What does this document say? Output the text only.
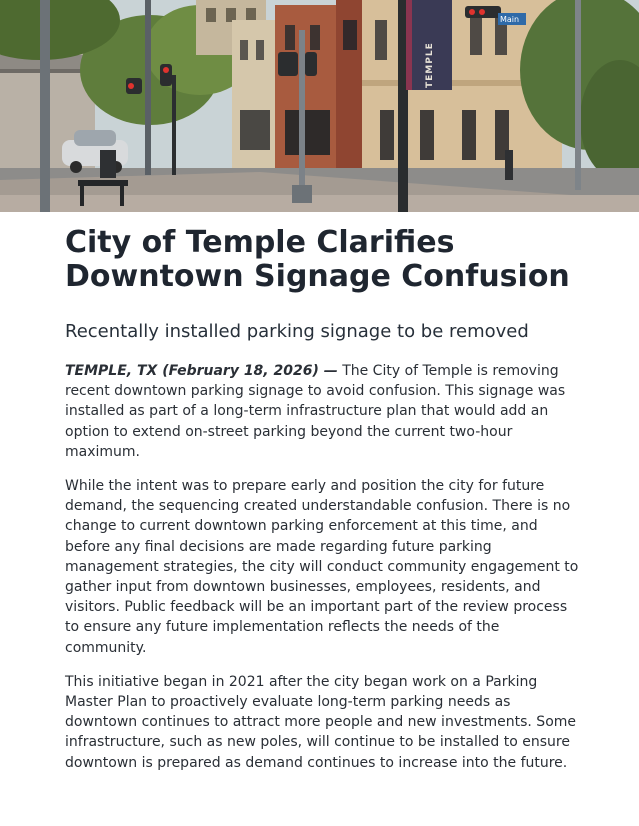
Main
TEMPLE
City of Temple Clarifies Downtown Signage Confusion
Recentally installed parking signage to be removed

TEMPLE, TX (February 18, 2026) — The City of Temple is removing recent downtown parking signage to avoid confusion. This signage was installed as part of a long-term infrastructure plan that would add an option to extend on-street parking beyond the current two-hour maximum.

While the intent was to prepare early and position the city for future demand, the sequencing created understandable confusion. There is no change to current downtown parking enforcement at this time, and before any final decisions are made regarding future parking management strategies, the city will conduct community engagement to gather input from downtown businesses, employees, residents, and visitors. Public feedback will be an important part of the review process to ensure any future implementation reflects the needs of the community.

This initiative began in 2021 after the city began work on a Parking Master Plan to proactively evaluate long-term parking needs as downtown continues to attract more people and new investments. Some infrastructure, such as new poles, will continue to be installed to ensure downtown is prepared as demand continues to increase into the future.
